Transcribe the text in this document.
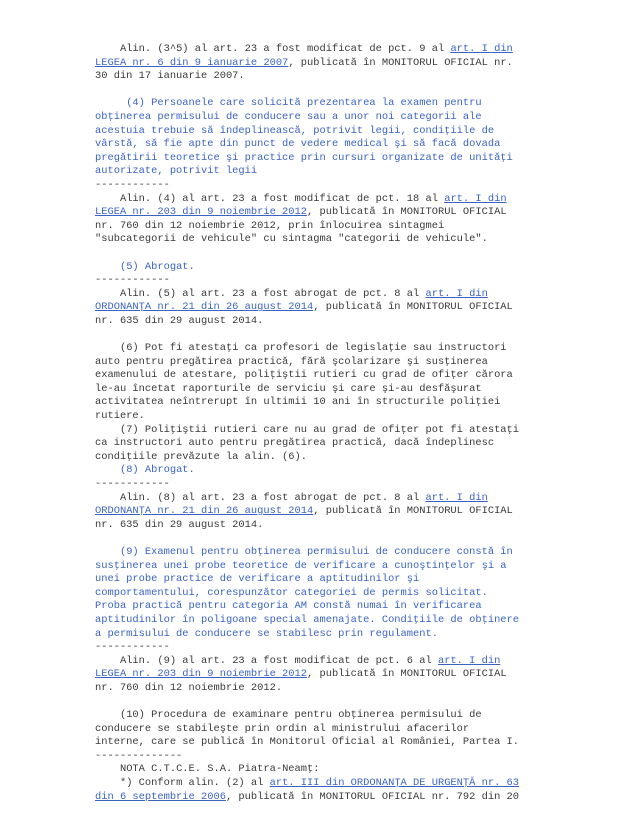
Alin. (3^5) al art. 23 a fost modificat de pct. 9 al art. I din
LEGEA nr. 6 din 9 ianuarie 2007, publicată în MONITORUL OFICIAL nr.
30 din 17 ianuarie 2007.
(4) Persoanele care solicită prezentarea la examen pentru
obţinerea permisului de conducere sau a unor noi categorii ale
acestuia trebuie să îndeplinească, potrivit legii, condiţiile de
vârstă, să fie apte din punct de vedere medical şi să facă dovada
pregătirii teoretice şi practice prin cursuri organizate de unităţi
autorizate, potrivit legii
------------
Alin. (4) al art. 23 a fost modificat de pct. 18 al art. I din
LEGEA nr. 203 din 9 noiembrie 2012, publicată în MONITORUL OFICIAL
nr. 760 din 12 noiembrie 2012, prin înlocuirea sintagmei
"subcategorii de vehicule" cu sintagma "categorii de vehicule".
(5) Abrogat.
------------
Alin. (5) al art. 23 a fost abrogat de pct. 8 al art. I din
ORDONANŢA nr. 21 din 26 august 2014, publicată în MONITORUL OFICIAL
nr. 635 din 29 august 2014.
(6) Pot fi atestaţi ca profesori de legislaţie sau instructori
auto pentru pregătirea practică, fără şcolarizare şi susţinerea
examenului de atestare, poliţiştii rutieri cu grad de ofiţer cărora
le-au încetat raporturile de serviciu şi care şi-au desfăşurat
activitatea neîntrerupt în ultimii 10 ani în structurile poliţiei
rutiere.
(7) Poliţiştii rutieri care nu au grad de ofiţer pot fi atestaţi
ca instructori auto pentru pregătirea practică, dacă îndeplinesc
condiţiile prevăzute la alin. (6).
(8) Abrogat.
------------
Alin. (8) al art. 23 a fost abrogat de pct. 8 al art. I din
ORDONANŢA nr. 21 din 26 august 2014, publicată în MONITORUL OFICIAL
nr. 635 din 29 august 2014.
(9) Examenul pentru obţinerea permisului de conducere constă în
susţinerea unei probe teoretice de verificare a cunoştinţelor şi a
unei probe practice de verificare a aptitudinilor şi
comportamentului, corespunzător categoriei de permis solicitat.
Proba practică pentru categoria AM constă numai în verificarea
aptitudinilor în poligoane special amenajate. Condiţiile de obţinere
a permisului de conducere se stabilesc prin regulament.
------------
Alin. (9) al art. 23 a fost modificat de pct. 6 al art. I din
LEGEA nr. 203 din 9 noiembrie 2012, publicată în MONITORUL OFICIAL
nr. 760 din 12 noiembrie 2012.
(10) Procedura de examinare pentru obţinerea permisului de
conducere se stabileşte prin ordin al ministrului afacerilor
interne, care se publică în Monitorul Oficial al României, Partea I.
--------------
NOTA C.T.C.E. S.A. Piatra-Neamţ:
*) Conform alin. (2) al art. III din ORDONANŢA DE URGENŢĂ nr. 63
din 6 septembrie 2006, publicată în MONITORUL OFICIAL nr. 792 din 20
